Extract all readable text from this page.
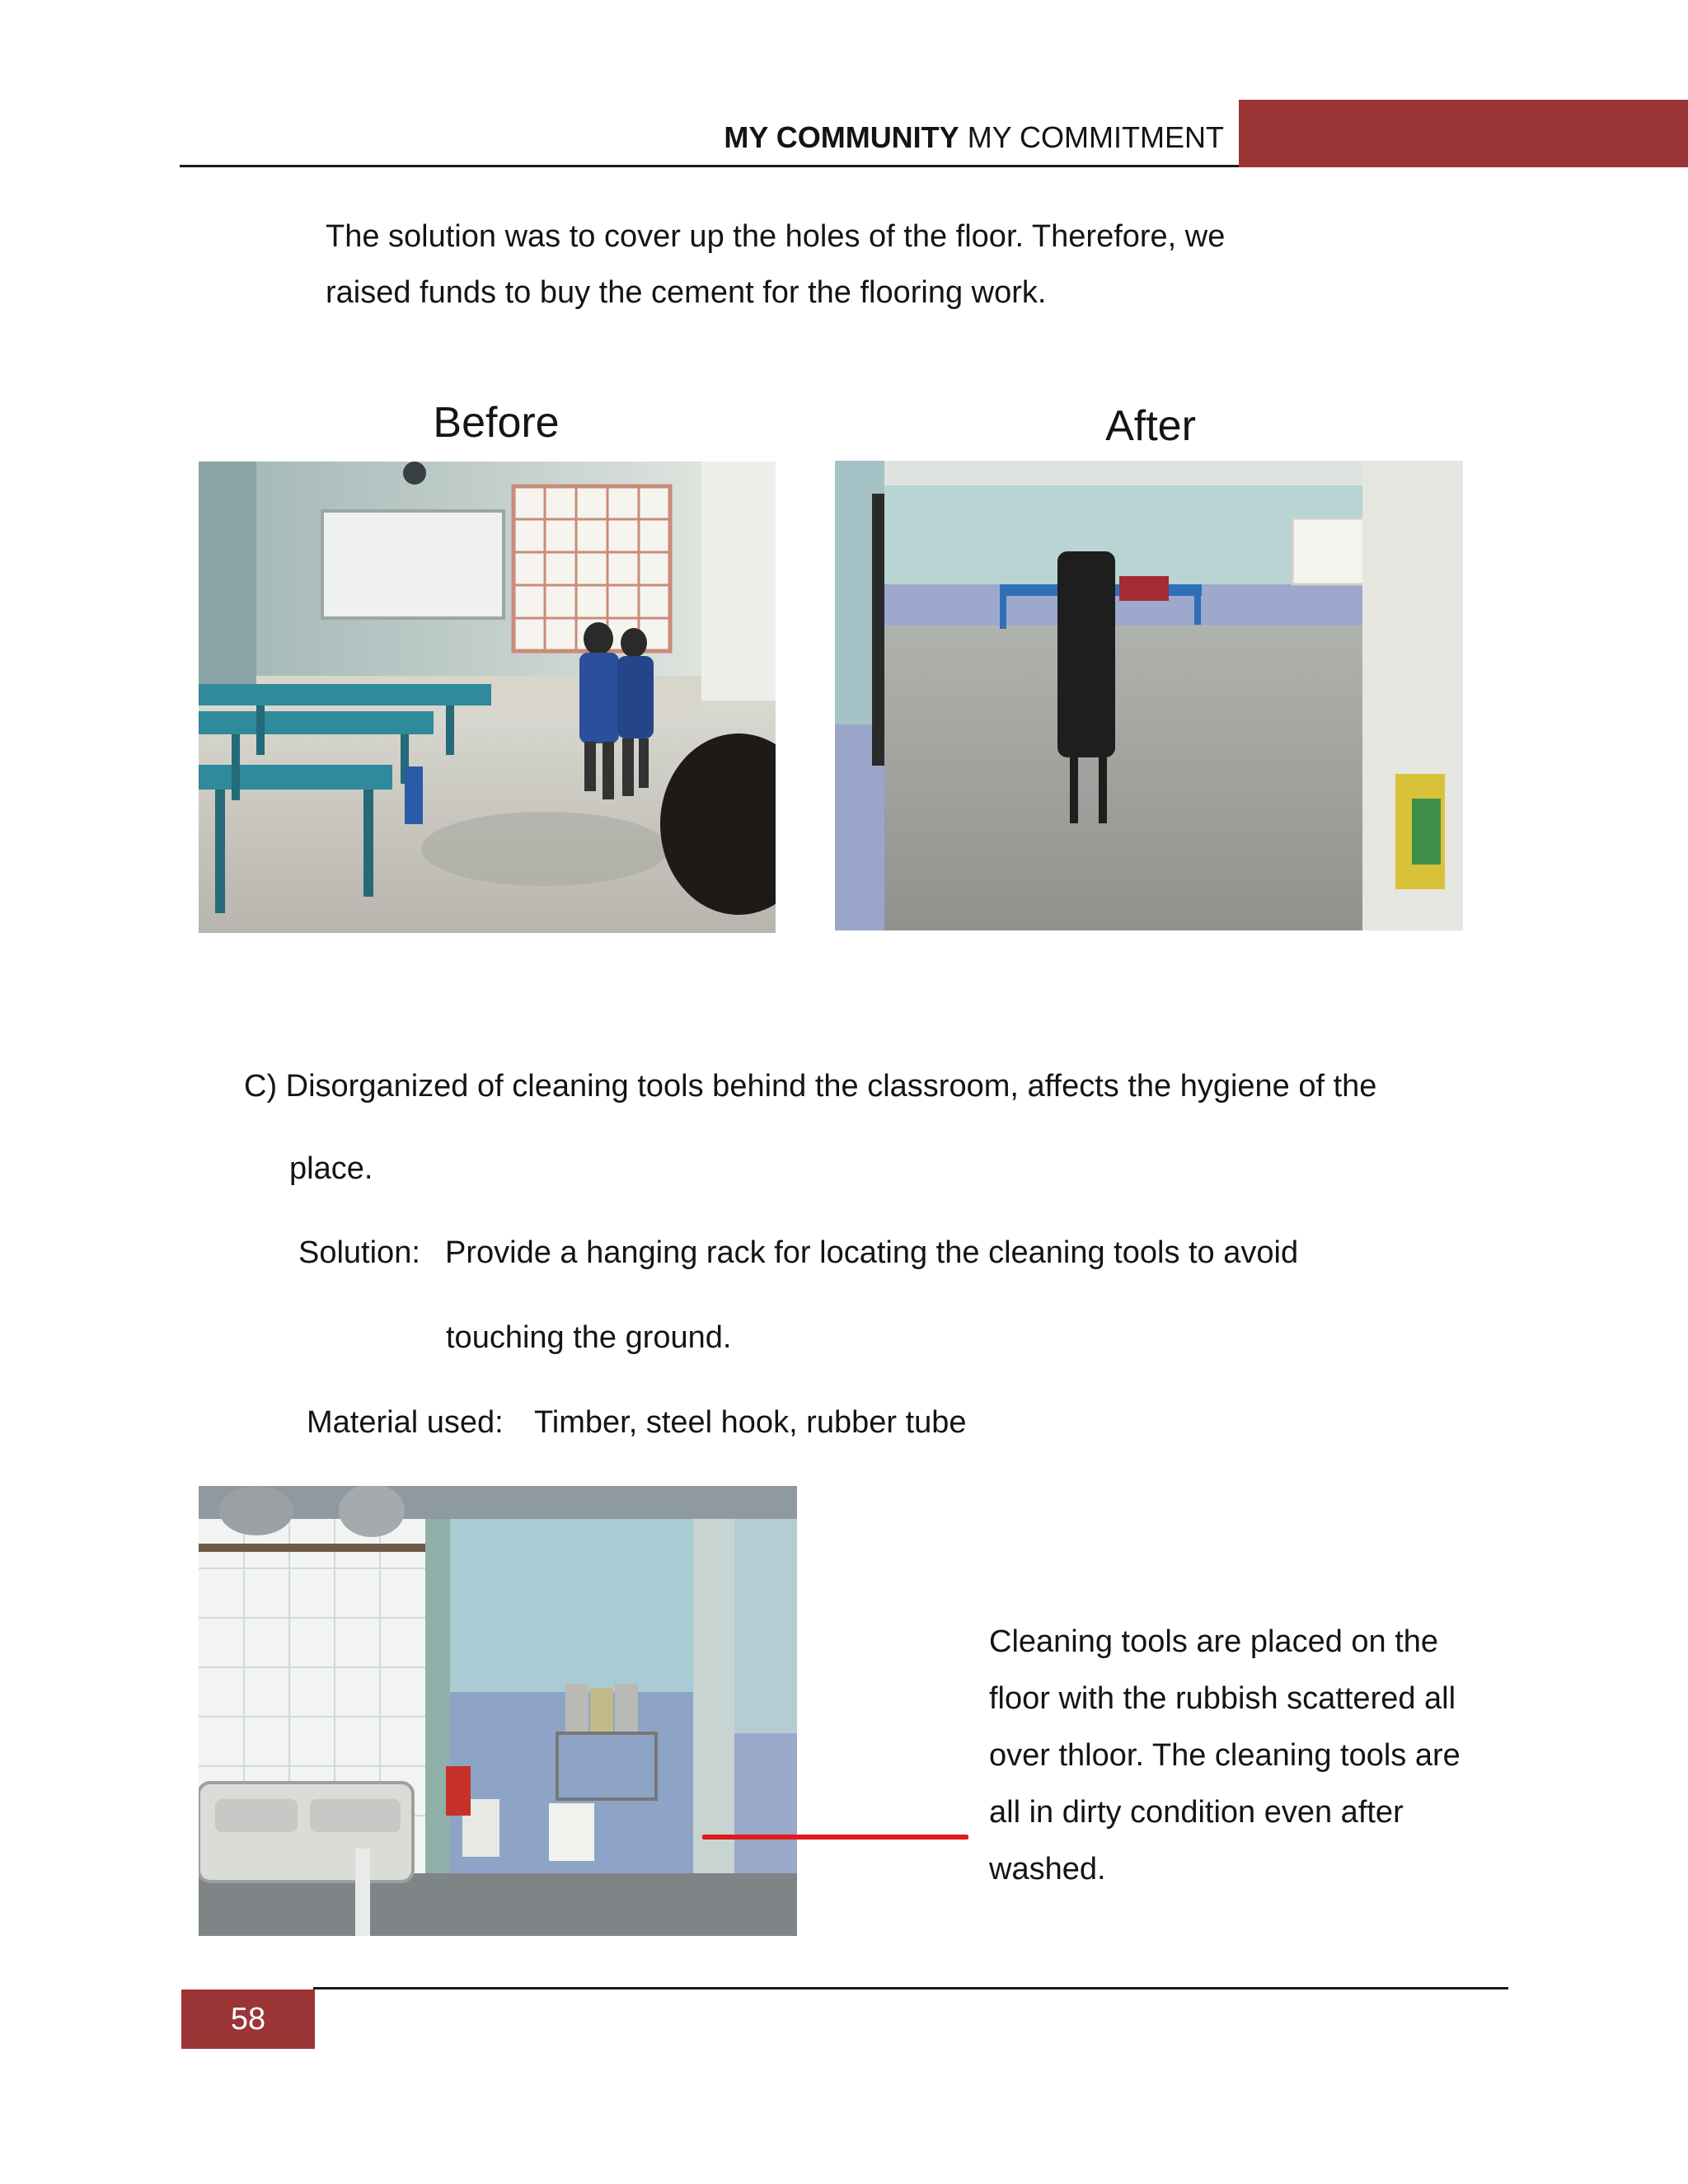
MY COMMUNITY MY COMMITMENT

The solution was to cover up the holes of the floor. Therefore, we

raised funds to buy the cement for the flooring work.

Before	After
C) Disorganized of cleaning tools behind the classroom, affects the hygiene of the
place.
Solution: Provide a hanging rack for locating the cleaning tools to avoid
touching the ground.
Material used: Timber, steel hook, rubber tube
Cleaning tools are placed on the
floor with the rubbish scattered all
over thloor. The cleaning tools are
all in dirty condition even after
washed.
58
